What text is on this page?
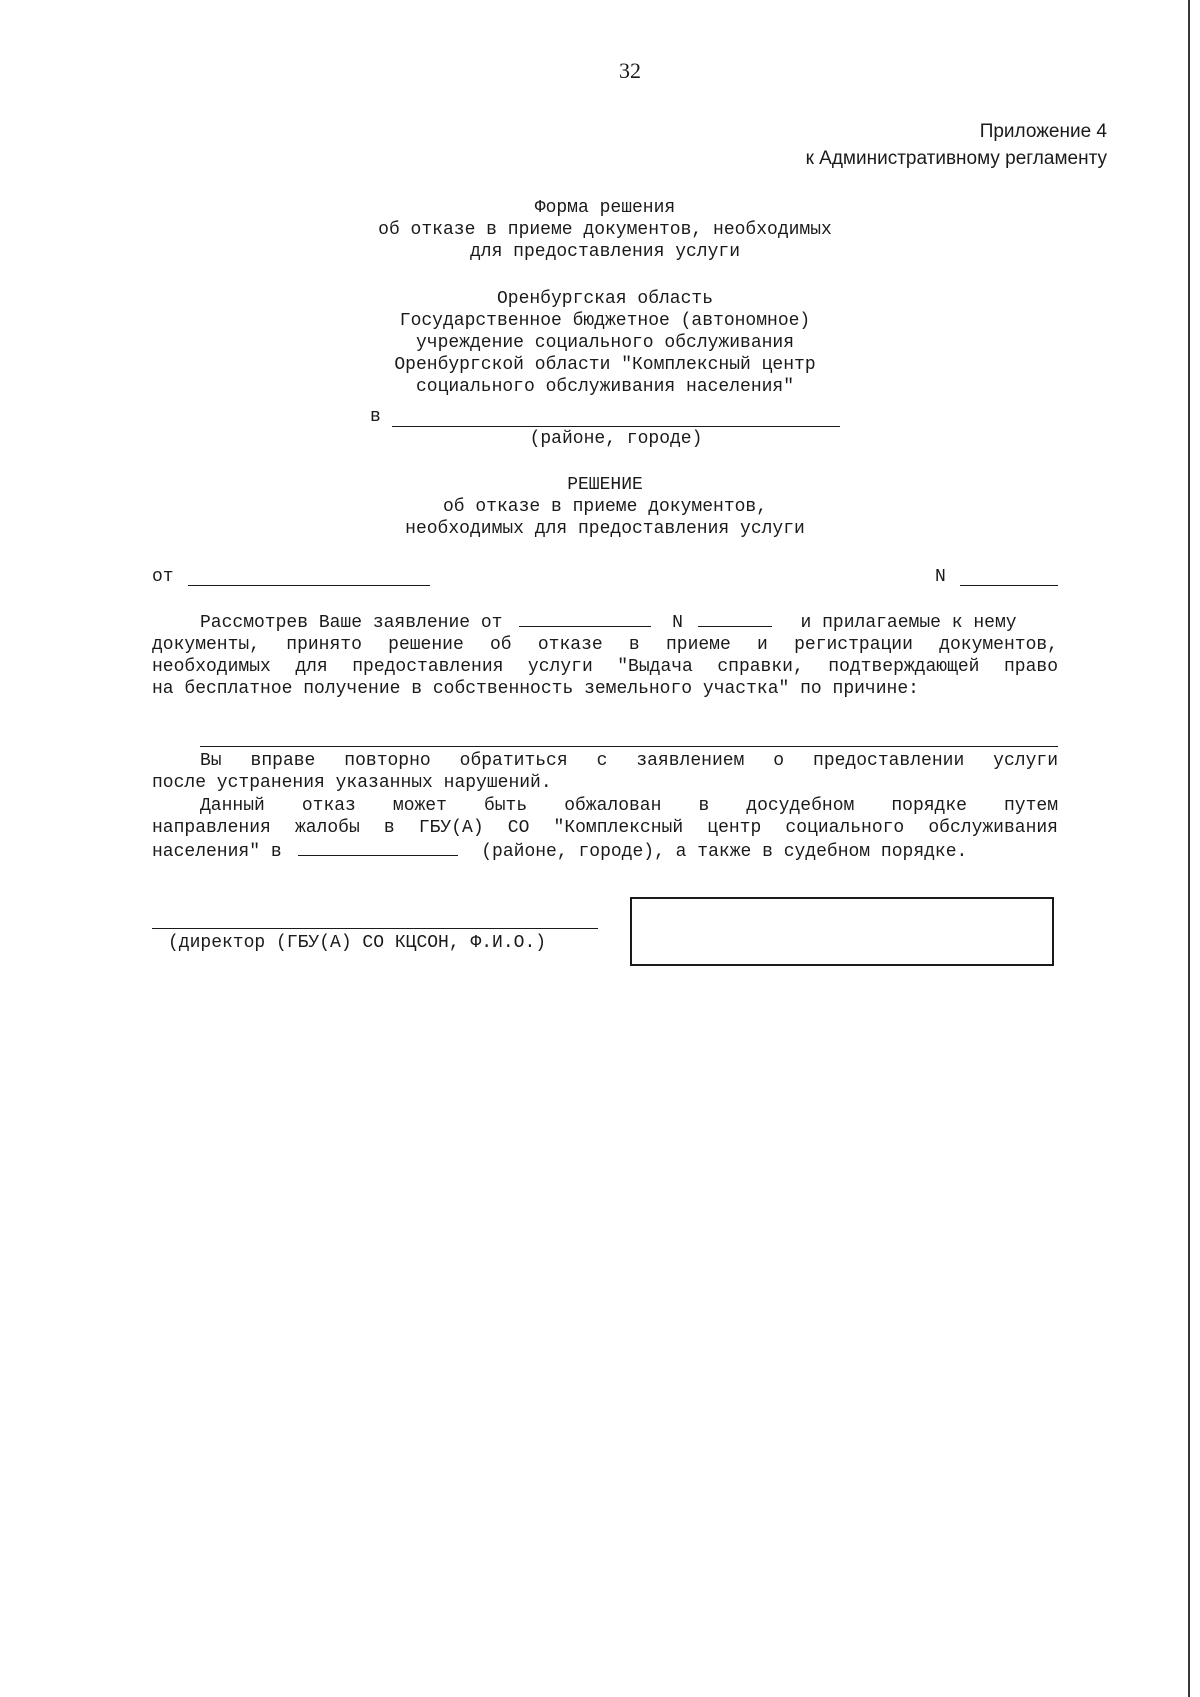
32
Приложение 4
к Административному регламенту
Форма решения
об отказе в приеме документов, необходимых
для предоставления услуги
Оренбургская область
Государственное бюджетное (автономное)
учреждение социального обслуживания
Оренбургской области "Комплексный центр
социального обслуживания населения"
в
(районе, городе)
РЕШЕНИЕ
об отказе в приеме документов,
необходимых для предоставления услуги
от	N
Рассмотрев Ваше заявление от	N	и прилагаемые к нему
документы, принято решение об отказе в приеме и регистрации документов,
необходимых для предоставления услуги "Выдача справки, подтверждающей право
на бесплатное получение в собственность земельного участка" по причине:
Вы вправе повторно обратиться с заявлением о предоставлении услуги
после устранения указанных нарушений.
Данный отказ может быть обжалован в досудебном порядке путем
направления жалобы в ГБУ(А) СО "Комплексный центр социального обслуживания
населения" в	(районе, городе), а также в судебном порядке.
(директор (ГБУ(А) СО КЦСОН, Ф.И.О.)
